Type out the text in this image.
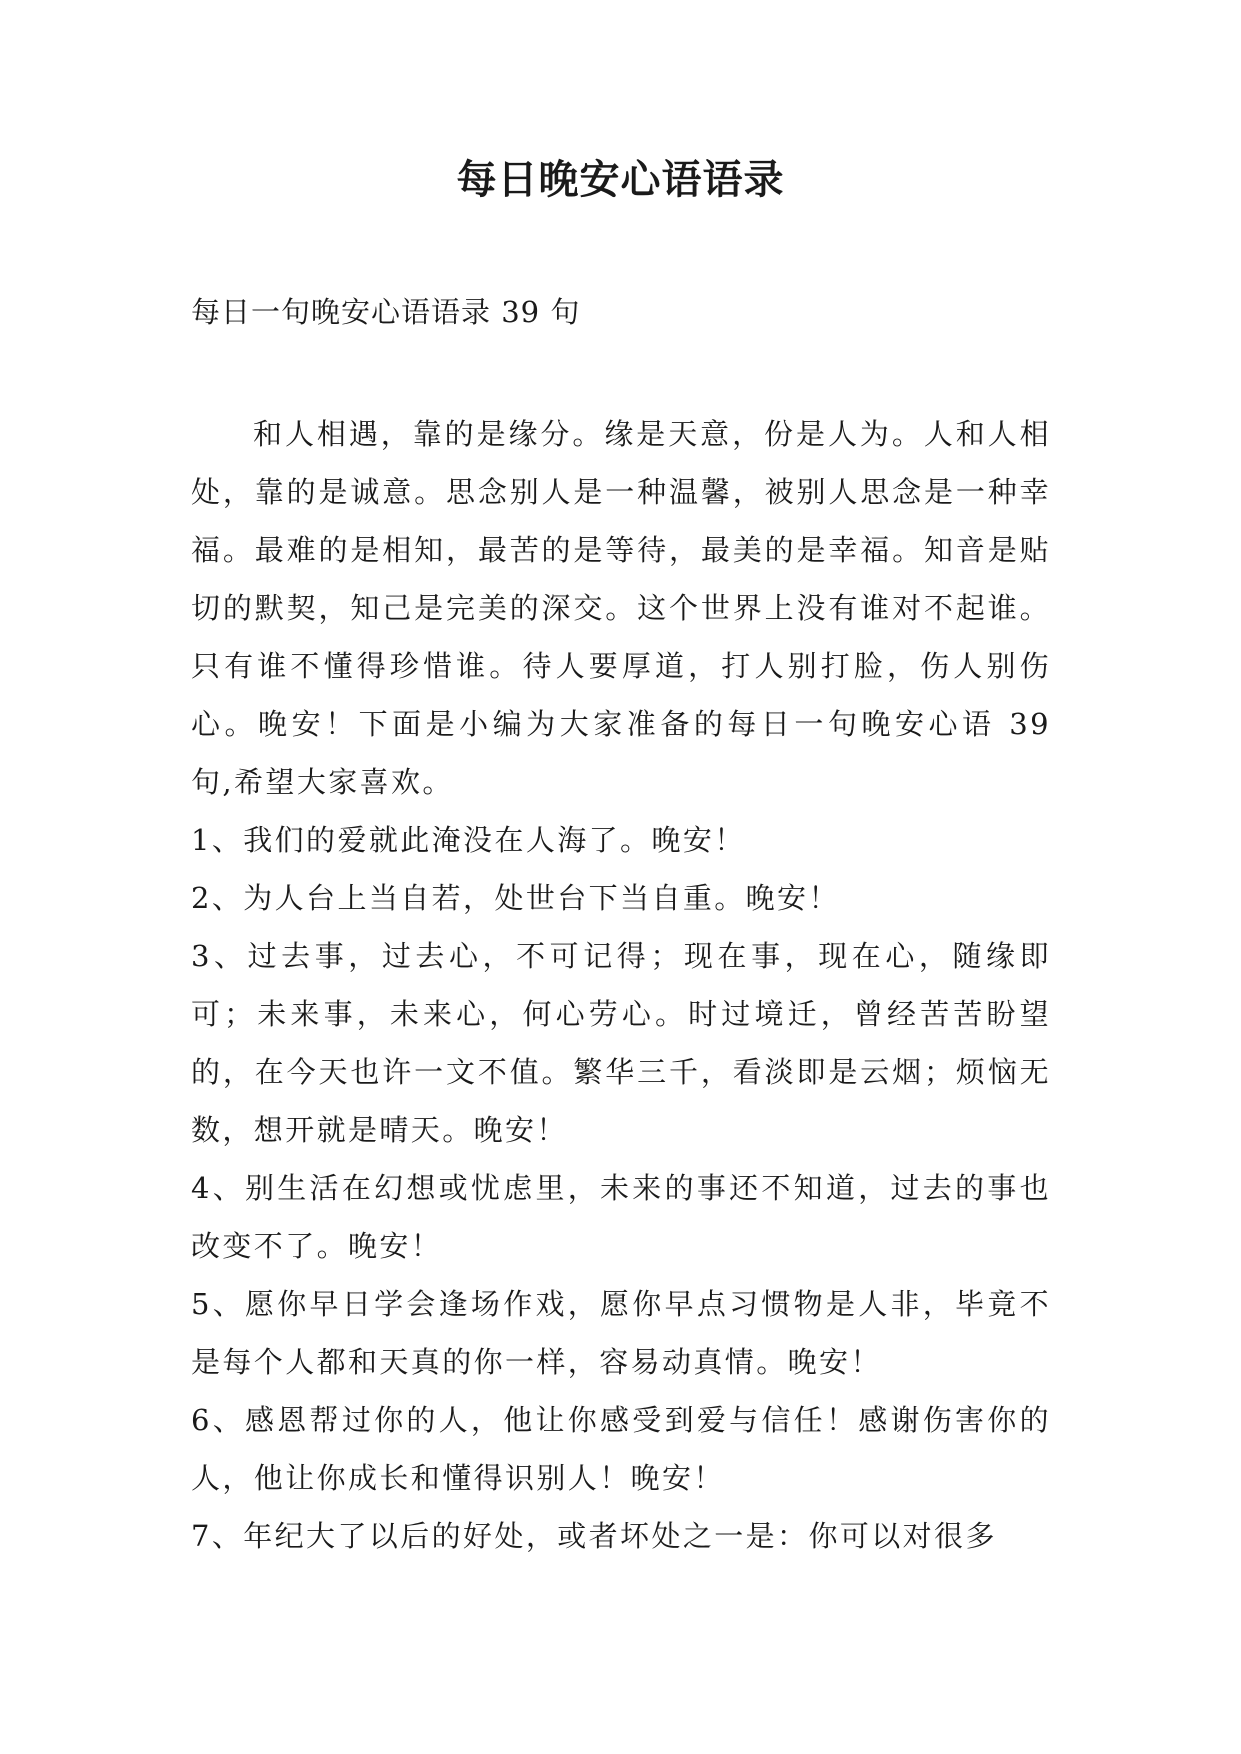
每日晚安心语语录

每日一句晚安心语语录 39 句

和人相遇，靠的是缘分。缘是天意，份是人为。人和人相处，靠的是诚意。思念别人是一种温馨，被别人思念是一种幸福。最难的是相知，最苦的是等待，最美的是幸福。知音是贴切的默契，知己是完美的深交。这个世界上没有谁对不起谁。只有谁不懂得珍惜谁。待人要厚道，打人别打脸，伤人别伤心。晚安！下面是小编为大家准备的每日一句晚安心语 39 句,希望大家喜欢。

1、我们的爱就此淹没在人海了。晚安！

2、为人台上当自若，处世台下当自重。晚安！

3、过去事，过去心，不可记得；现在事，现在心，随缘即可；未来事，未来心，何心劳心。时过境迁，曾经苦苦盼望的，在今天也许一文不值。繁华三千，看淡即是云烟；烦恼无数，想开就是晴天。晚安！

4、别生活在幻想或忧虑里，未来的事还不知道，过去的事也改变不了。晚安！

5、愿你早日学会逢场作戏，愿你早点习惯物是人非，毕竟不是每个人都和天真的你一样，容易动真情。晚安！

6、感恩帮过你的人，他让你感受到爱与信任！感谢伤害你的人，他让你成长和懂得识别人！晚安！

7、年纪大了以后的好处，或者坏处之一是：你可以对很多
